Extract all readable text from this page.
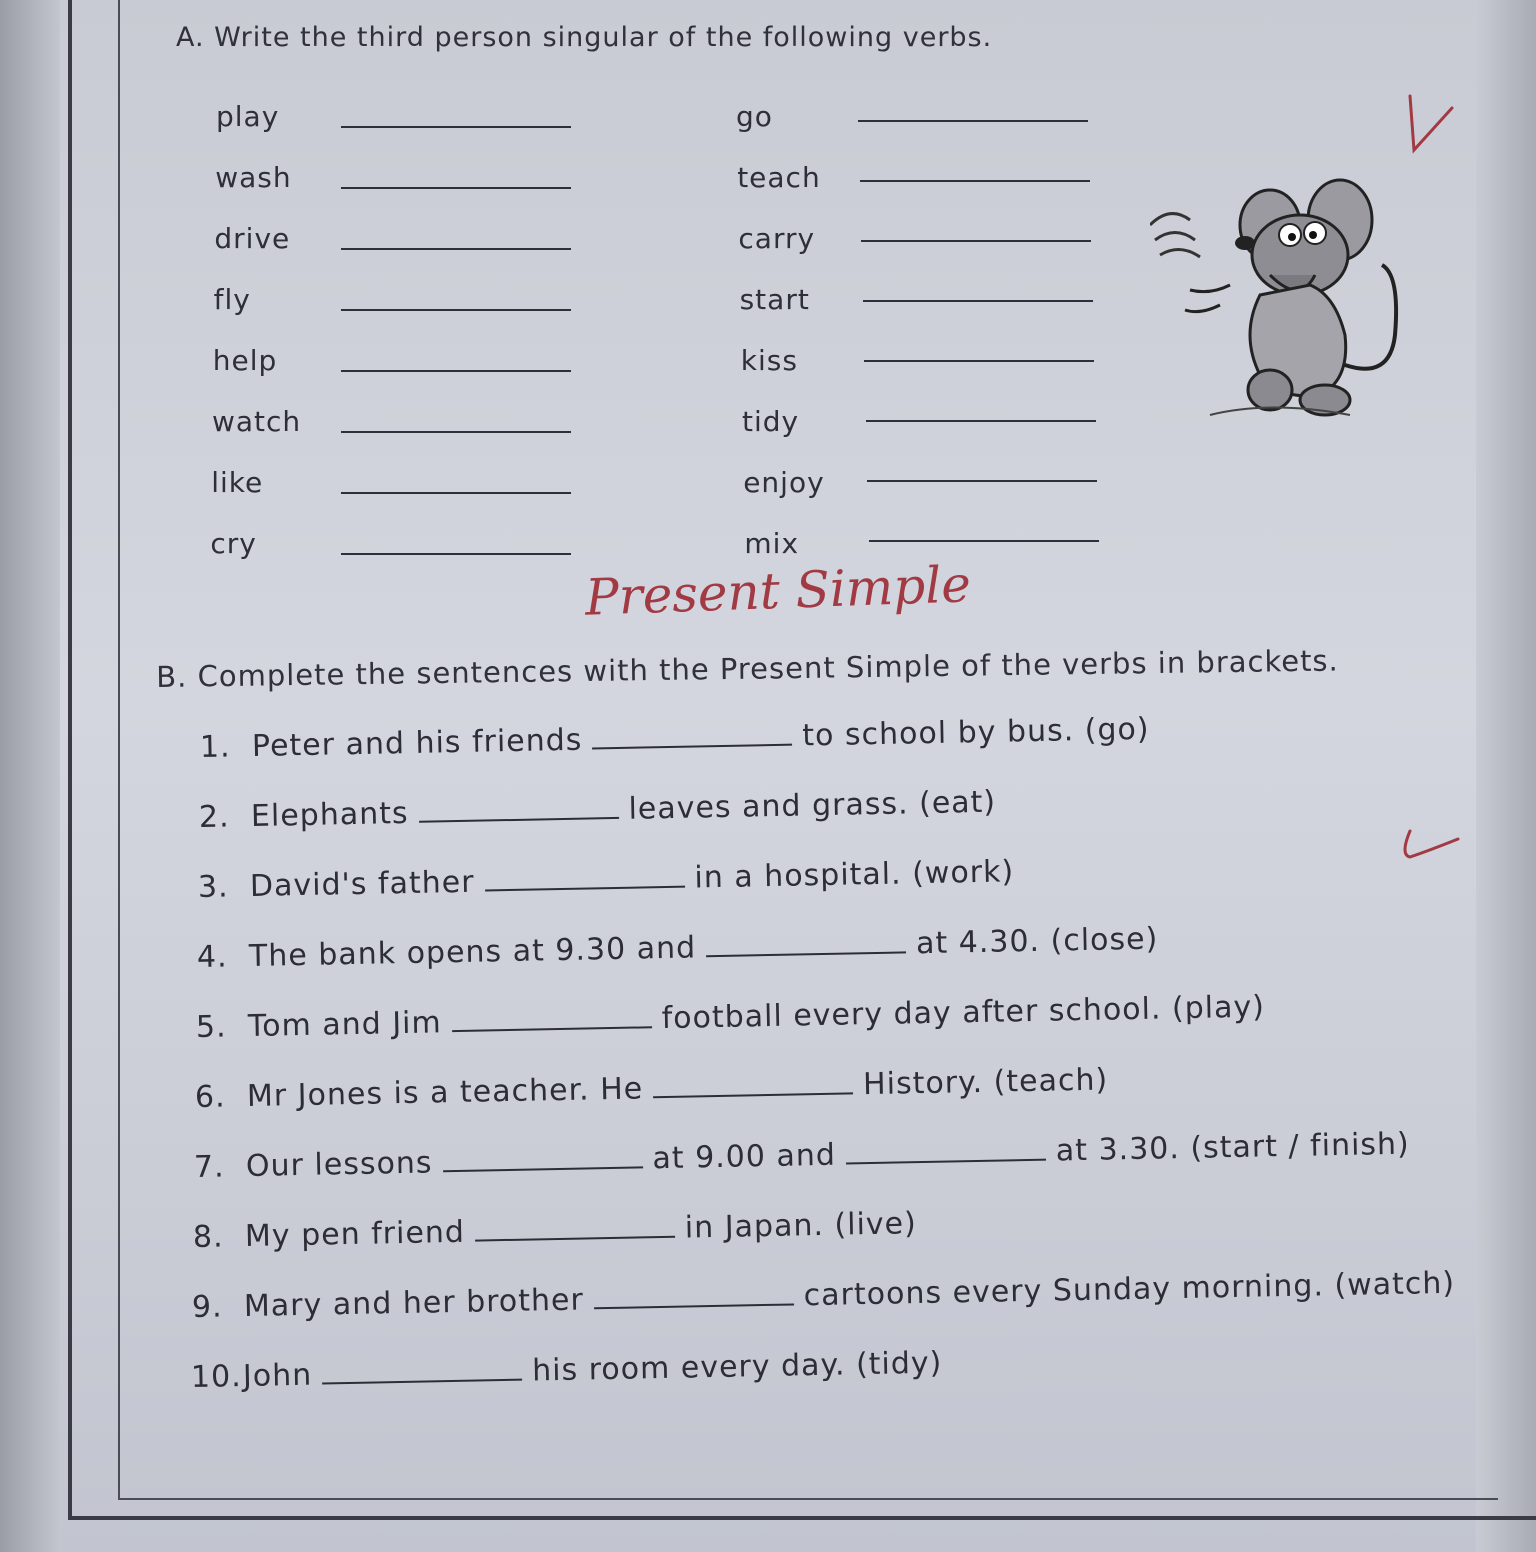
A. Write the third person singular of the following verbs.
play
wash
drive
fly
help
watch
like
cry
go
teach
carry
start
kiss
tidy
enjoy
mix
Present Simple
B. Complete the sentences with the Present Simple of the verbs in brackets.
1. Peter and his friends	to school by bus. (go)
2. Elephants	leaves and grass. (eat)
3. David's father	in a hospital. (work)
4. The bank opens at 9.30 and	at 4.30. (close)
5. Tom and Jim	football every day after school. (play)
6. Mr Jones is a teacher. He	History. (teach)
7. Our lessons	at 9.00 and	at 3.30. (start / finish)
8. My pen friend	in Japan. (live)
9. Mary and her brother	cartoons every Sunday morning. (watch)
10. John	his room every day. (tidy)
